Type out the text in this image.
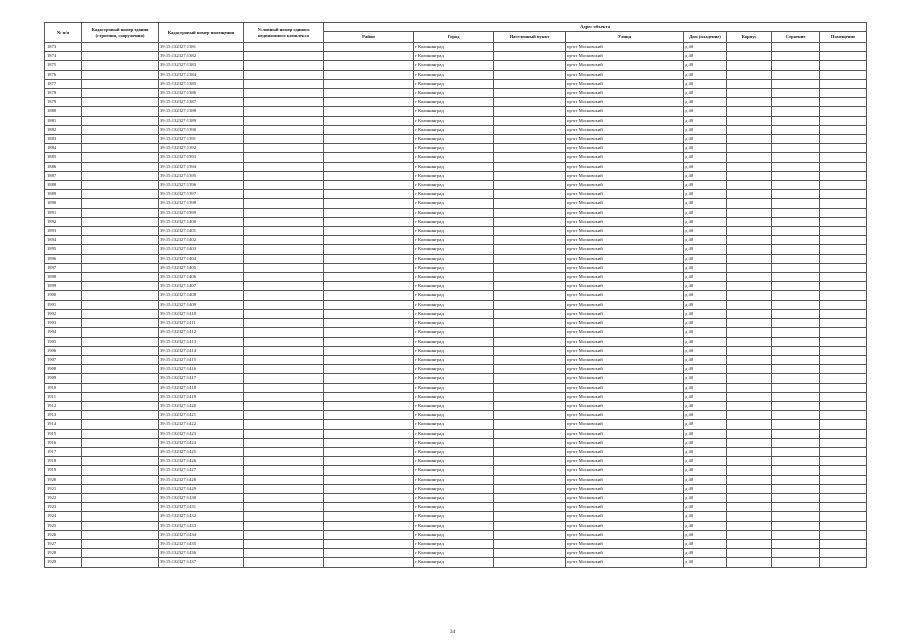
№ п/п	Кадастровый номер здания (строения, сооружения)	Кадастровый номер помещения	Условный номер единого недвижимого комплекса	Адрес объекта							
				Район	Город	Населенный пункт	Улица	Дом (владение)	Корпус	Строение	Помещение
1873		39:15:132327:1381			г Калининград		пр-кт Московский	д 40			
1874		39:15:132327:1382			г Калининград		пр-кт Московский	д 40			
1875		39:15:132327:1383			г Калининград		пр-кт Московский	д 40			
1876		39:15:132327:1384			г Калининград		пр-кт Московский	д 40			
1877		39:15:132327:1385			г Калининград		пр-кт Московский	д 40			
1878		39:15:132327:1386			г Калининград		пр-кт Московский	д 40			
1879		39:15:132327:1387			г Калининград		пр-кт Московский	д 40			
1880		39:15:132327:1388			г Калининград		пр-кт Московский	д 40			
1881		39:15:132327:1389			г Калининград		пр-кт Московский	д 40			
1882		39:15:132327:1390			г Калининград		пр-кт Московский	д 40			
1883		39:15:132327:1391			г Калининград		пр-кт Московский	д 40			
1884		39:15:132327:1392			г Калининград		пр-кт Московский	д 40			
1885		39:15:132327:1393			г Калининград		пр-кт Московский	д 40			
1886		39:15:132327:1394			г Калининград		пр-кт Московский	д 40			
1887		39:15:132327:1395			г Калининград		пр-кт Московский	д 40			
1888		39:15:132327:1396			г Калининград		пр-кт Московский	д 40			
1889		39:15:132327:1397			г Калининград		пр-кт Московский	д 40			
1890		39:15:132327:1398			г Калининград		пр-кт Московский	д 40			
1891		39:15:132327:1399			г Калининград		пр-кт Московский	д 40			
1892		39:15:132327:1400			г Калининград		пр-кт Московский	д 40			
1893		39:15:132327:1401			г Калининград		пр-кт Московский	д 40			
1894		39:15:132327:1402			г Калининград		пр-кт Московский	д 40			
1895		39:15:132327:1403			г Калининград		пр-кт Московский	д 40			
1896		39:15:132327:1404			г Калининград		пр-кт Московский	д 40			
1897		39:15:132327:1405			г Калининград		пр-кт Московский	д 40			
1898		39:15:132327:1406			г Калининград		пр-кт Московский	д 40			
1899		39:15:132327:1407			г Калининград		пр-кт Московский	д 40			
1900		39:15:132327:1408			г Калининград		пр-кт Московский	д 40			
1901		39:15:132327:1409			г Калининград		пр-кт Московский	д 40			
1902		39:15:132327:1410			г Калининград		пр-кт Московский	д 40			
1903		39:15:132327:1411			г Калининград		пр-кт Московский	д 40			
1904		39:15:132327:1412			г Калининград		пр-кт Московский	д 40			
1905		39:15:132327:1413			г Калининград		пр-кт Московский	д 40			
1906		39:15:132327:1414			г Калининград		пр-кт Московский	д 40			
1907		39:15:132327:1415			г Калининград		пр-кт Московский	д 40			
1908		39:15:132327:1416			г Калининград		пр-кт Московский	д 40			
1909		39:15:132327:1417			г Калининград		пр-кт Московский	д 40			
1910		39:15:132327:1418			г Калининград		пр-кт Московский	д 40			
1911		39:15:132327:1419			г Калининград		пр-кт Московский	д 40			
1912		39:15:132327:1420			г Калининград		пр-кт Московский	д 40			
1913		39:15:132327:1421			г Калининград		пр-кт Московский	д 40			
1914		39:15:132327:1422			г Калининград		пр-кт Московский	д 40			
1915		39:15:132327:1423			г Калининград		пр-кт Московский	д 40			
1916		39:15:132327:1424			г Калининград		пр-кт Московский	д 40			
1917		39:15:132327:1425			г Калининград		пр-кт Московский	д 40			
1918		39:15:132327:1426			г Калининград		пр-кт Московский	д 40			
1919		39:15:132327:1427			г Калининград		пр-кт Московский	д 40			
1920		39:15:132327:1428			г Калининград		пр-кт Московский	д 40			
1921		39:15:132327:1429			г Калининград		пр-кт Московский	д 40			
1922		39:15:132327:1430			г Калининград		пр-кт Московский	д 40			
1923		39:15:132327:1431			г Калининград		пр-кт Московский	д 40			
1924		39:15:132327:1432			г Калининград		пр-кт Московский	д 40			
1925		39:15:132327:1433			г Калининград		пр-кт Московский	д 40			
1926		39:15:132327:1434			г Калининград		пр-кт Московский	д 40			
1927		39:15:132327:1435			г Калининград		пр-кт Московский	д 40			
1928		39:15:132327:1436			г Калининград		пр-кт Московский	д 40			
1929		39:15:132327:1437			г Калининград		пр-кт Московский	д 40			
34
